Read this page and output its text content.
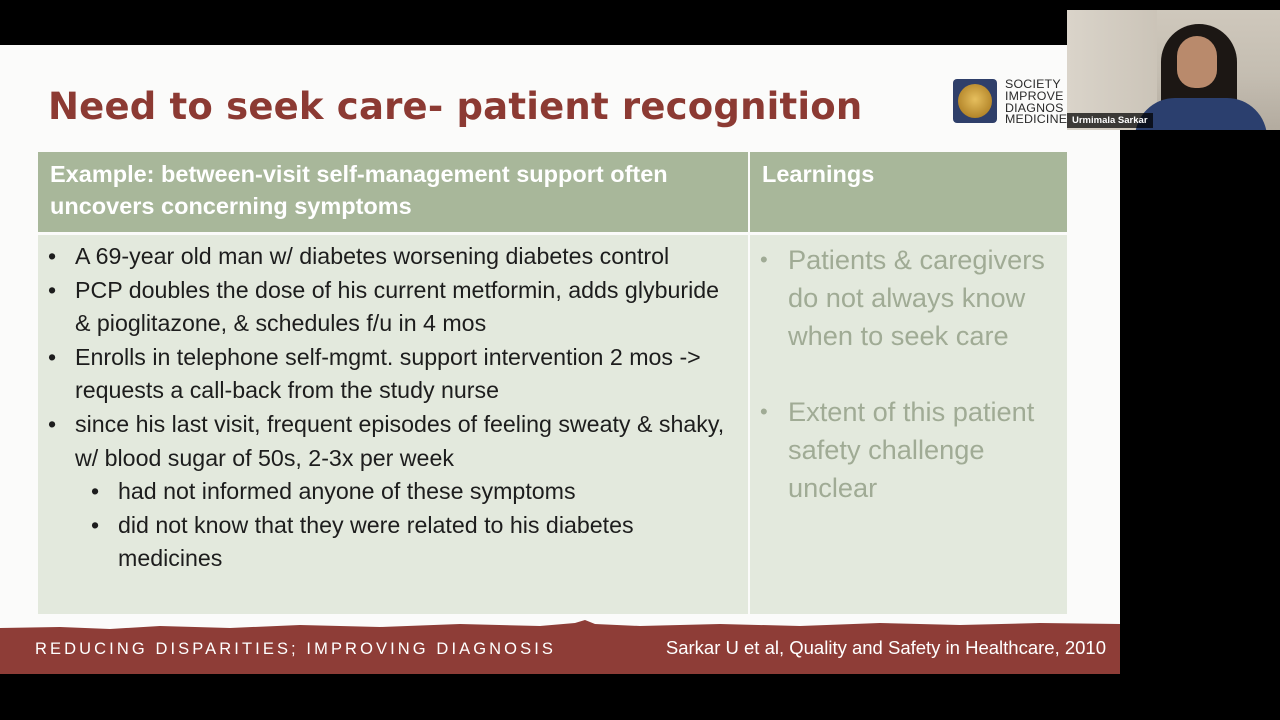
Need to seek care- patient recognition
SOCIETY
IMPROVE
DIAGNOS
MEDICINE
Example: between-visit self-management support often uncovers concerning symptoms
Learnings
• A 69-year old man w/ diabetes worsening diabetes control
• PCP doubles the dose of his current metformin, adds glyburide & pioglitazone, & schedules f/u in 4 mos
• Enrolls in telephone self-mgmt. support intervention 2 mos -> requests a call-back from the study nurse
• since his last visit, frequent episodes of feeling sweaty & shaky, w/ blood sugar of 50s, 2-3x per week
• had not informed anyone of these symptoms
• did not know that they were related to his diabetes medicines
• Patients & caregivers do not always know when to seek care
• Extent of this patient safety challenge unclear
REDUCING DISPARITIES; IMPROVING DIAGNOSIS	Sarkar U et al, Quality and Safety in Healthcare, 2010
Urmimala Sarkar
